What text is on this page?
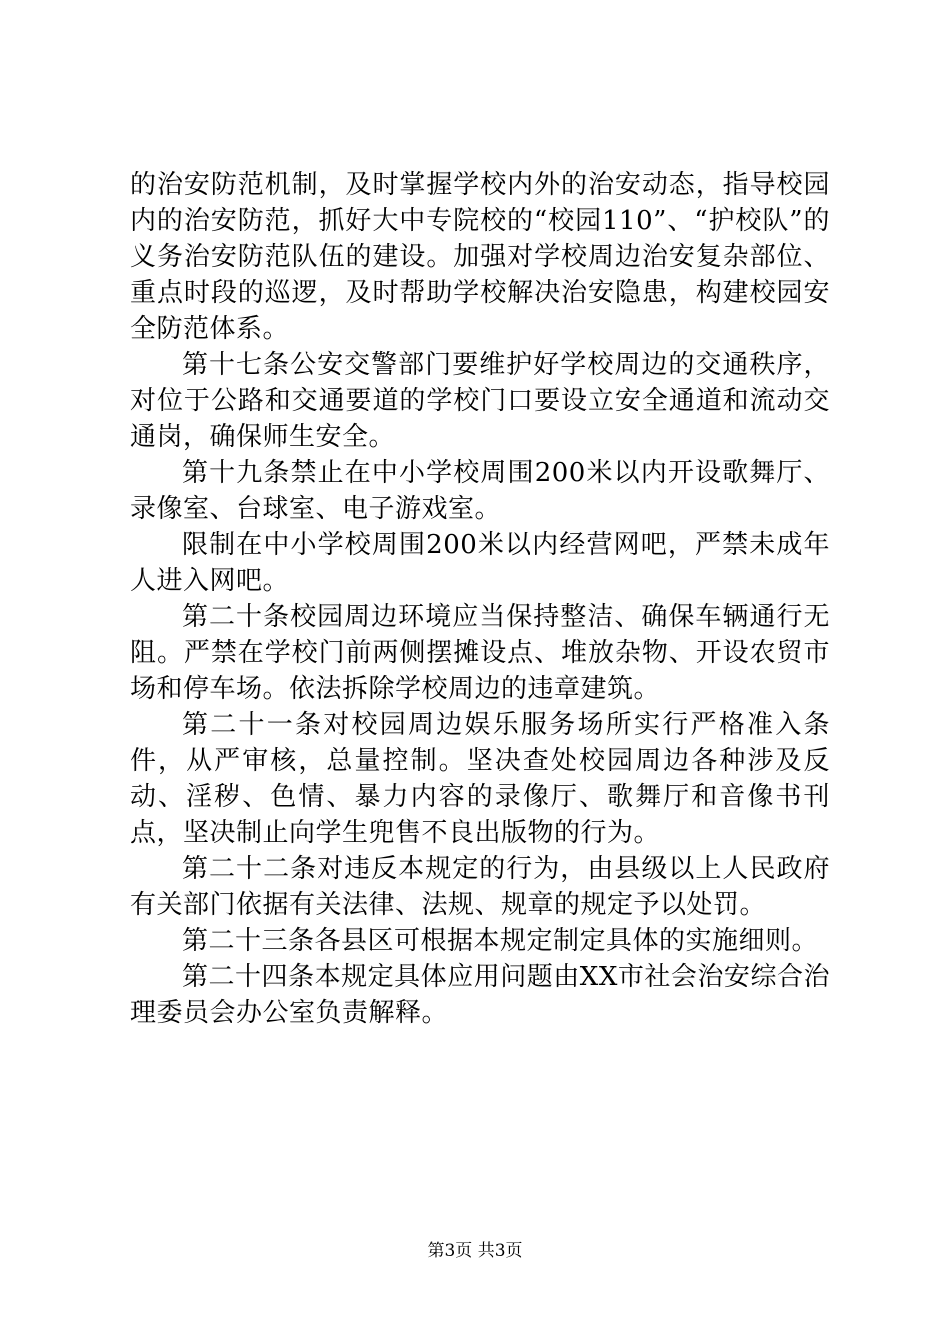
的治安防范机制，及时掌握学校内外的治安动态，指导校园内的治安防范，抓好大中专院校的“校园110”、“护校队”的义务治安防范队伍的建设。加强对学校周边治安复杂部位、重点时段的巡逻，及时帮助学校解决治安隐患，构建校园安全防范体系。

第十七条公安交警部门要维护好学校周边的交通秩序，对位于公路和交通要道的学校门口要设立安全通道和流动交通岗，确保师生安全。

第十九条禁止在中小学校周围200米以内开设歌舞厅、录像室、台球室、电子游戏室。

限制在中小学校周围200米以内经营网吧，严禁未成年人进入网吧。

第二十条校园周边环境应当保持整洁、确保车辆通行无阻。严禁在学校门前两侧摆摊设点、堆放杂物、开设农贸市场和停车场。依法拆除学校周边的违章建筑。

第二十一条对校园周边娱乐服务场所实行严格准入条件，从严审核，总量控制。坚决查处校园周边各种涉及反动、淫秽、色情、暴力内容的录像厅、歌舞厅和音像书刊点，坚决制止向学生兜售不良出版物的行为。

第二十二条对违反本规定的行为，由县级以上人民政府有关部门依据有关法律、法规、规章的规定予以处罚。

第二十三条各县区可根据本规定制定具体的实施细则。

第二十四条本规定具体应用问题由XX市社会治安综合治理委员会办公室负责解释。

第3页 共3页
